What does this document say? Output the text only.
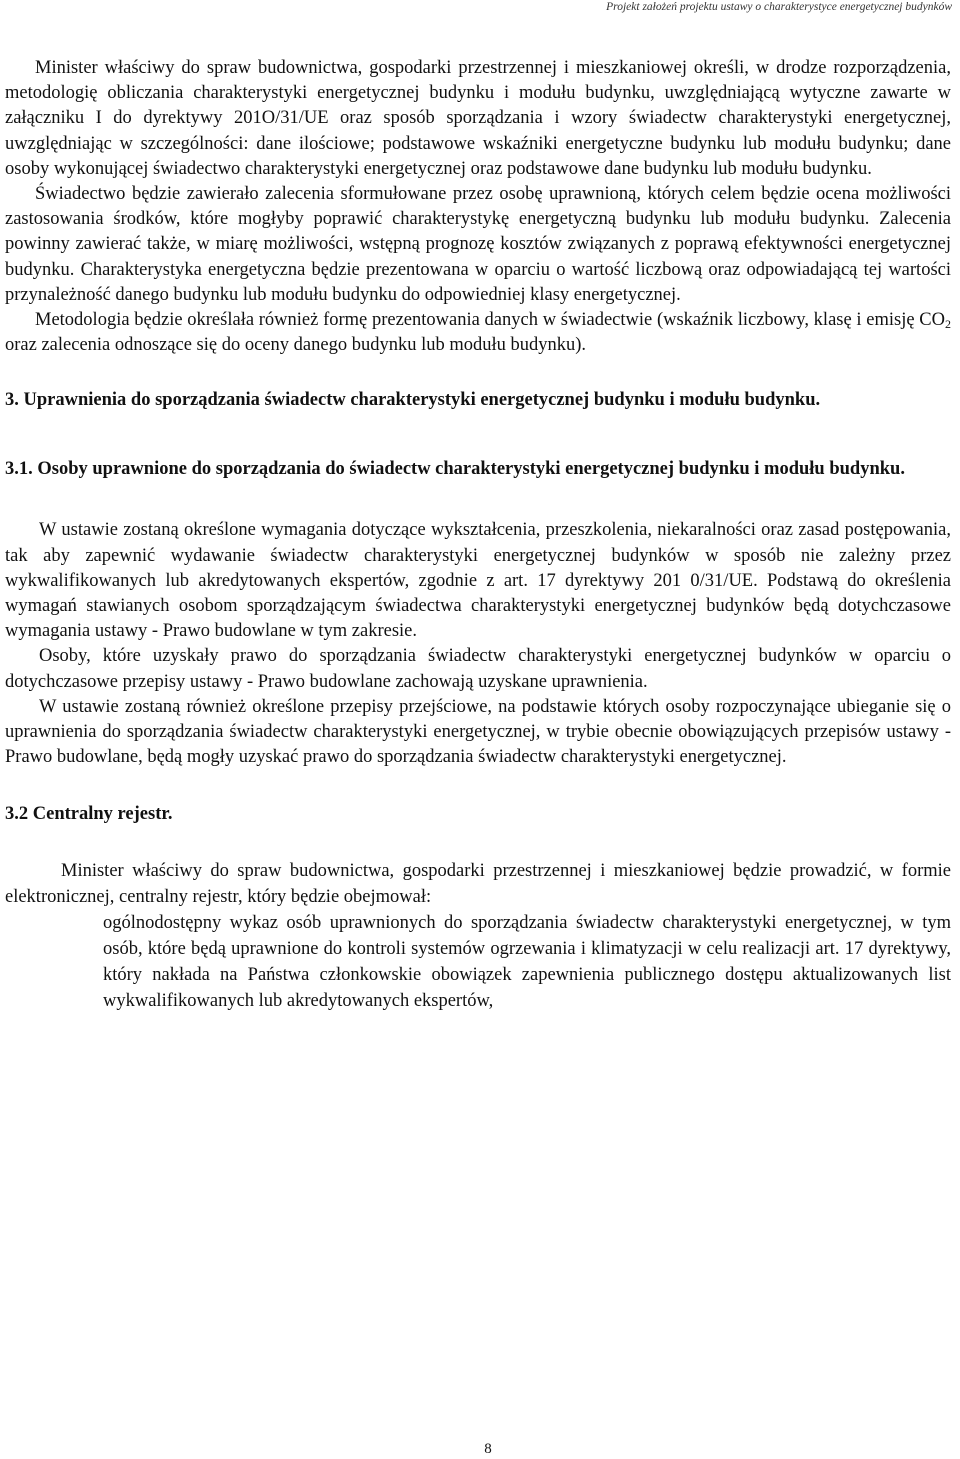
Projekt założeń projektu ustawy o charakterystyce energetycznej budynków

Minister właściwy do spraw budownictwa, gospodarki przestrzennej i mieszkaniowej określi, w drodze rozporządzenia, metodologię obliczania charakterystyki energetycznej budynku i modułu budynku, uwzględniającą wytyczne zawarte w załączniku I do dyrektywy 201O/31/UE oraz sposób sporządzania i wzory świadectw charakterystyki energetycznej, uwzględniając w szczególności: dane ilościowe; podstawowe wskaźniki energetyczne budynku lub modułu budynku; dane osoby wykonującej świadectwo charakterystyki energetycznej oraz podstawowe dane budynku lub modułu budynku.

Świadectwo będzie zawierało zalecenia sformułowane przez osobę uprawnioną, których celem będzie ocena możliwości zastosowania środków, które mogłyby poprawić charakterystykę energetyczną budynku lub modułu budynku. Zalecenia powinny zawierać także, w miarę możliwości, wstępną prognozę kosztów związanych z poprawą efektywności energetycznej budynku. Charakterystyka energetyczna będzie prezentowana w oparciu o wartość liczbową oraz odpowiadającą tej wartości przynależność danego budynku lub modułu budynku do odpowiedniej klasy energetycznej.

Metodologia będzie określała również formę prezentowania danych w świadectwie (wskaźnik liczbowy, klasę i emisję $CO_2$ oraz zalecenia odnoszące się do oceny danego budynku lub modułu budynku).

3. Uprawnienia do sporządzania świadectw charakterystyki energetycznej budynku i modułu budynku.
3.1. Osoby uprawnione do sporządzania do świadectw charakterystyki energetycznej budynku i modułu budynku.

W ustawie zostaną określone wymagania dotyczące wykształcenia, przeszkolenia, niekaralności oraz zasad postępowania, tak aby zapewnić wydawanie świadectw charakterystyki energetycznej budynków w sposób nie zależny przez wykwalifikowanych lub akredytowanych ekspertów, zgodnie z art. 17 dyrektywy 201 0/31/UE. Podstawą do określenia wymagań stawianych osobom sporządzającym świadectwa charakterystyki energetycznej budynków będą dotychczasowe wymagania ustawy - Prawo budowlane w tym zakresie.

Osoby, które uzyskały prawo do sporządzania świadectw charakterystyki energetycznej budynków w oparciu o dotychczasowe przepisy ustawy - Prawo budowlane zachowają uzyskane uprawnienia.

W ustawie zostaną również określone przepisy przejściowe, na podstawie których osoby rozpoczynające ubieganie się o uprawnienia do sporządzania świadectw charakterystyki energetycznej, w trybie obecnie obowiązujących przepisów ustawy - Prawo budowlane, będą mogły uzyskać prawo do sporządzania świadectw charakterystyki energetycznej.

3.2 Centralny rejestr.

Minister właściwy do spraw budownictwa, gospodarki przestrzennej i mieszkaniowej będzie prowadzić, w formie elektronicznej, centralny rejestr, który będzie obejmował:

ogólnodostępny wykaz osób uprawnionych do sporządzania świadectw charakterystyki energetycznej, w tym osób, które będą uprawnione do kontroli systemów ogrzewania i klimatyzacji w celu realizacji art. 17 dyrektywy, który nakłada na Państwa członkowskie obowiązek zapewnienia publicznego dostępu aktualizowanych list wykwalifikowanych lub akredytowanych ekspertów,

8
